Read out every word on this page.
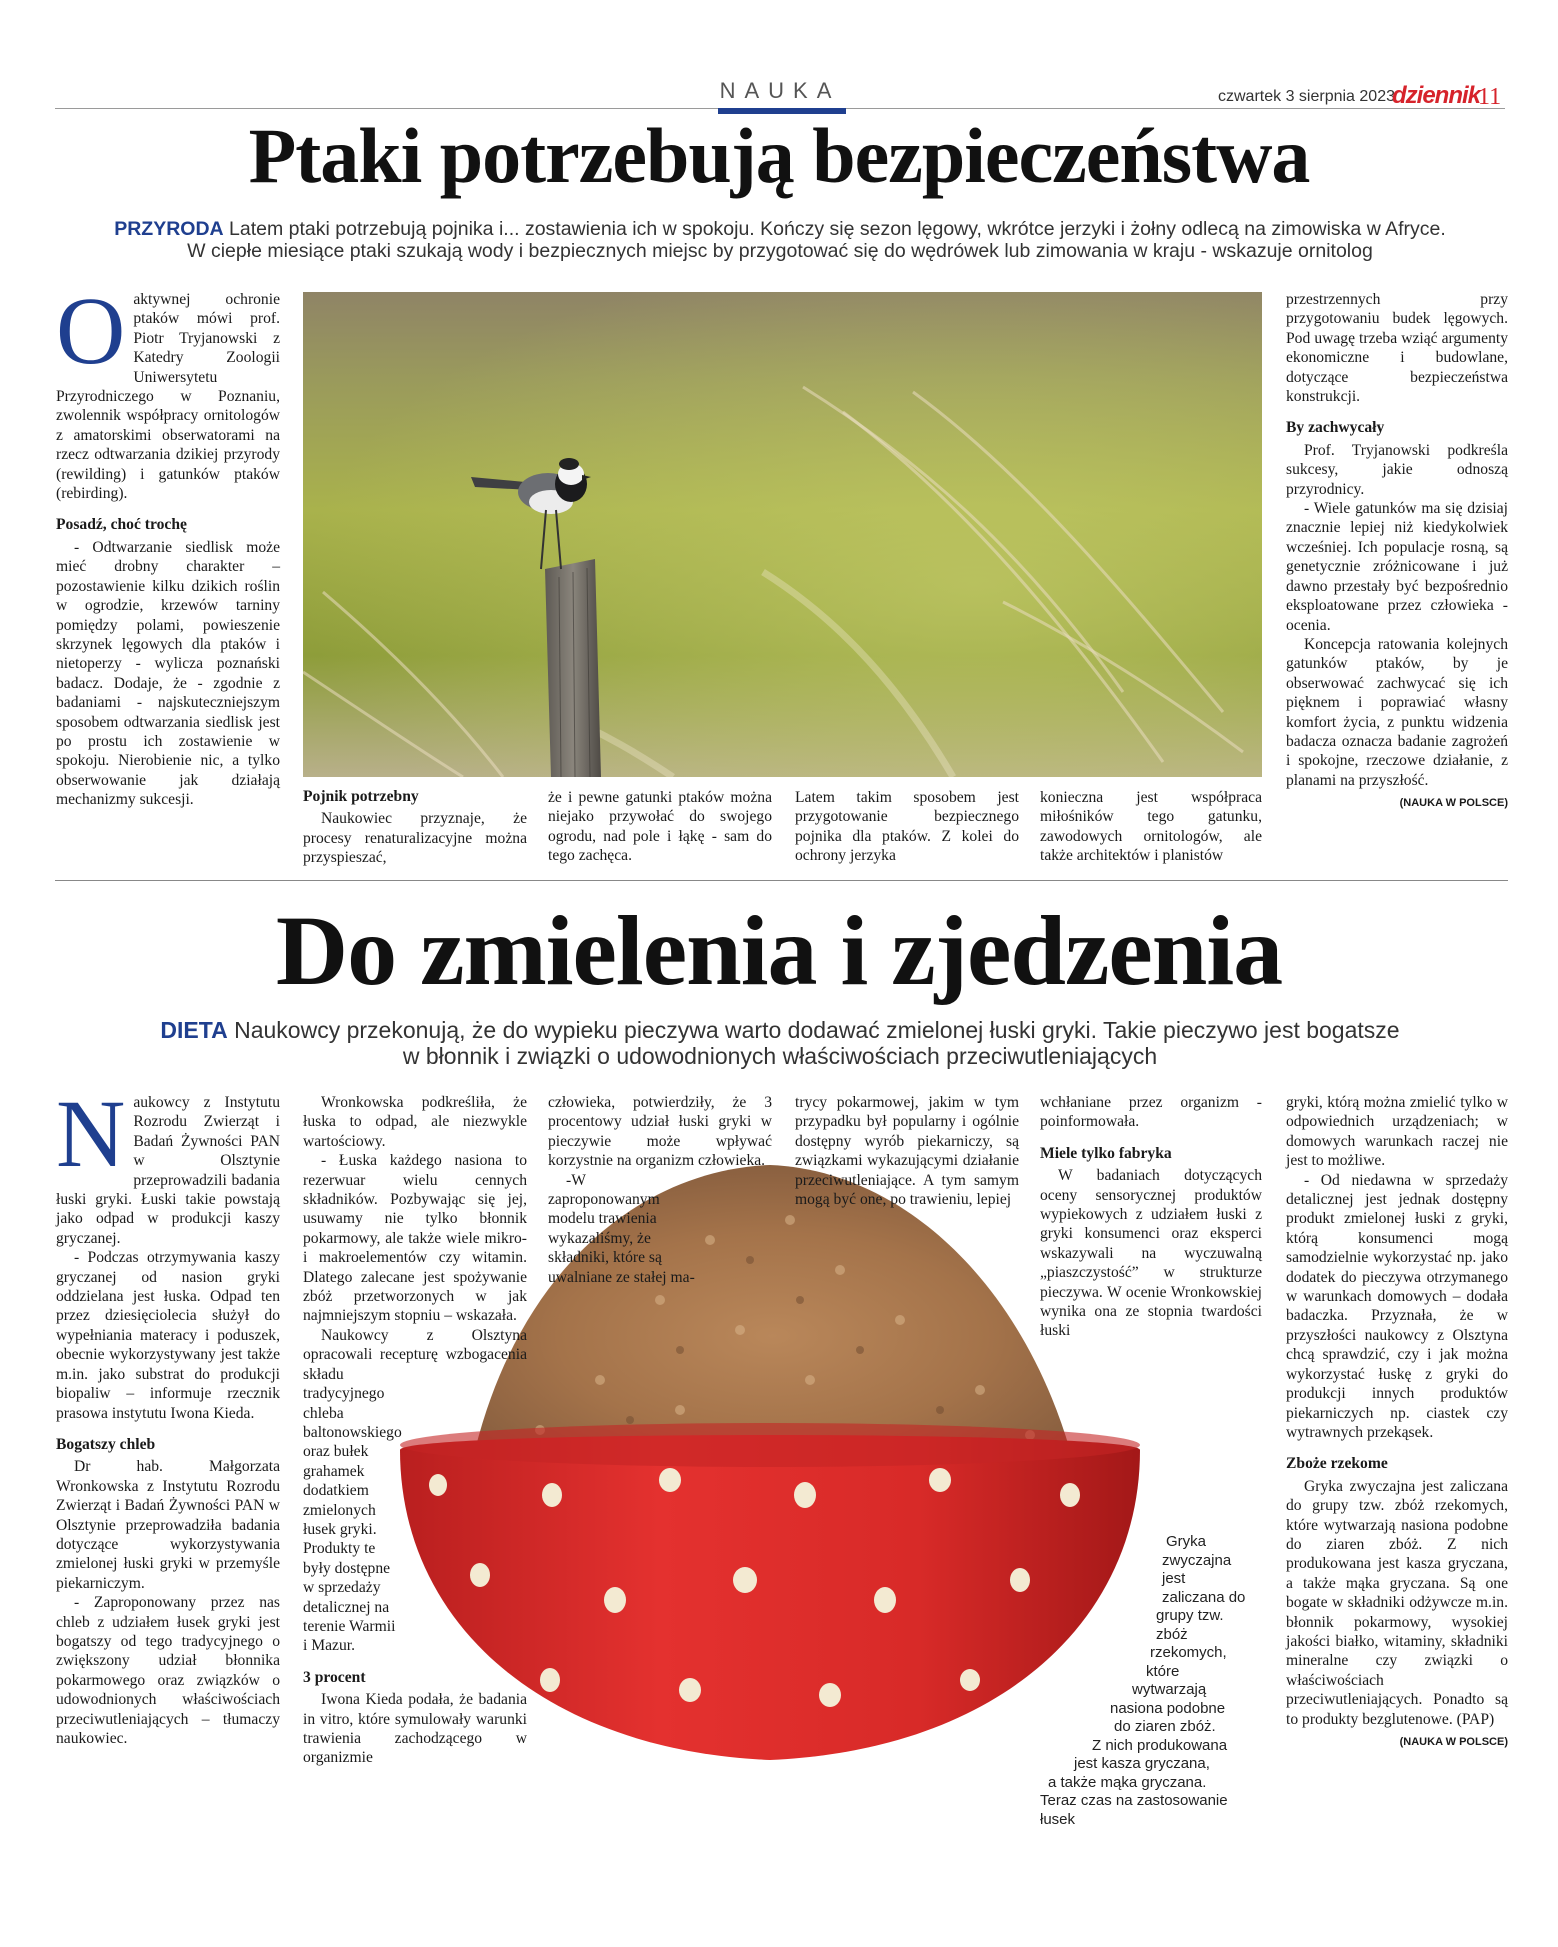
NAUKA	czwartek 3 sierpnia 2023
dziennik
11
Ptaki potrzebują bezpieczeństwa
PRZYRODA Latem ptaki potrzebują pojnika i... zostawienia ich w spokoju. Kończy się sezon lęgowy, wkrótce jerzyki i żołny odlecą na zimowiska w Afryce.
W ciepłe miesiące ptaki szukają wody i bezpiecznych miejsc by przygotować się do wędrówek lub zimowania w kraju - wskazuje ornitolog
O aktywnej ochronie ptaków mówi prof. Piotr Tryjanowski z Katedry Zoologii Uniwersytetu Przyrodniczego w Poznaniu, zwolennik współpracy ornitologów z amatorskimi obserwatorami na rzecz odtwarzania dzikiej przyrody (rewilding) i gatunków ptaków (rebirding).

Posadź, choć trochę

- Odtwarzanie siedlisk może mieć drobny charakter – pozostawienie kilku dzikich roślin w ogrodzie, krzewów tarniny pomiędzy polami, powieszenie skrzynek lęgowych dla ptaków i nietoperzy - wylicza poznański badacz. Dodaje, że - zgodnie z badaniami - najskuteczniejszym sposobem odtwarzania siedlisk jest po prostu ich zostawienie w spokoju. Nierobienie nic, a tylko obserwowanie jak działają mechanizmy sukcesji.	Pojnik potrzebny

Naukowiec przyznaje, że procesy renaturalizacyjne można przyspieszać,

że i pewne gatunki ptaków można niejako przywołać do swojego ogrodu, nad pole i łąkę - sam do tego zachęca.

Latem takim sposobem jest przygotowanie bezpiecznego pojnika dla ptaków. Z kolei do ochrony jerzyka

konieczna jest współpraca miłośników tego gatunku, zawodowych ornitologów, ale także architektów i planistów

przestrzennych przy przygotowaniu budek lęgowych. Pod uwagę trzeba wziąć argumenty ekonomiczne i budowlane, dotyczące bezpieczeństwa konstrukcji.

By zachwycały

Prof. Tryjanowski podkreśla sukcesy, jakie odnoszą przyrodnicy.

- Wiele gatunków ma się dzisiaj znacznie lepiej niż kiedykolwiek wcześniej. Ich populacje rosną, są genetycznie zróżnicowane i już dawno przestały być bezpośrednio eksploatowane przez człowieka - ocenia.

Koncepcja ratowania kolejnych gatunków ptaków, by je obserwować zachwycać się ich pięknem i poprawiać własny komfort życia, z punktu widzenia badacza oznacza badanie zagrożeń i spokojne, rzeczowe działanie, z planami na przyszłość.

(NAUKA W POLSCE)
Do zmielenia i zjedzenia
DIETA Naukowcy przekonują, że do wypieku pieczywa warto dodawać zmielonej łuski gryki. Takie pieczywo jest bogatsze
w błonnik i związki o udowodnionych właściwościach przeciwutleniających
N aukowcy z Instytutu Rozrodu Zwierząt i Badań Żywności PAN w Olsztynie przeprowadzili badania łuski gryki. Łuski takie powstają jako odpad w produkcji kaszy gryczanej.

- Podczas otrzymywania kaszy gryczanej od nasion gryki oddzielana jest łuska. Odpad ten przez dziesięciolecia służył do wypełniania materacy i poduszek, obecnie wykorzystywany jest także m.in. jako substrat do produkcji biopaliw – informuje rzecznik prasowa instytutu Iwona Kieda.

Bogatszy chleb

Dr hab. Małgorzata Wronkowska z Instytutu Rozrodu Zwierząt i Badań Żywności PAN w Olsztynie przeprowadziła badania dotyczące wykorzystywania zmielonej łuski gryki w przemyśle piekarniczym.

- Zaproponowany przez nas chleb z udziałem łusek gryki jest bogatszy od tego tradycyjnego o zwiększony udział błonnika pokarmowego oraz związków o udowodnionych właściwościach przeciwutleniających – tłumaczy naukowiec.

Wronkowska podkreśliła, że łuska to odpad, ale niezwykle wartościowy.

- Łuska każdego nasiona to rezerwuar wielu cennych składników. Pozbywając się jej, usuwamy nie tylko błonnik pokarmowy, ale także wiele mikro- i makroelementów czy witamin. Dlatego zalecane jest spożywanie zbóż przetworzonych w jak najmniejszym stopniu – wskazała.

Naukowcy z Olsztyna opracowali recepturę wzbogacenia składu

tradycyjnego chleba baltonowskiego oraz bułek grahamek dodatkiem zmielonych łusek gryki. Produkty te były dostępne w sprzedaży detalicznej na terenie Warmii i Mazur.

3 procent

Iwona Kieda podała, że badania in vitro, które symulowały warunki trawienia zachodzącego w organizmie

człowieka, potwierdziły, że 3 procentowy udział łuski gryki w pieczywie może wpływać korzystnie na organizm człowieka.

-W zaproponowanym modelu trawienia wykazaliśmy, że składniki, które są uwalniane ze stałej ma-

trycy pokarmowej, jakim w tym przypadku był popularny i ogólnie dostępny wyrób piekarniczy, są związkami wykazującymi działanie przeciwutleniające. A tym samym mogą być one, po trawieniu, lepiej

wchłaniane przez organizm - poinformowała.

Miele tylko fabryka

W badaniach dotyczących oceny sensorycznej produktów wypiekowych z udziałem łuski z gryki konsumenci oraz eksperci wskazywali na wyczuwalną „piaszczystość” w strukturze pieczywa. W ocenie Wronkowskiej wynika ona ze stopnia twardości łuski

Gryka
zwyczajna
jest
zaliczana do
grupy tzw.
zbóż
rzekomych,
które
wytwarzają
nasiona podobne
do ziaren zbóż.
Z nich produkowana
jest kasza gryczana,
a także mąka gryczana.
Teraz czas na zastosowanie
łusek

gryki, którą można zmielić tylko w odpowiednich urządzeniach; w domowych warunkach raczej nie jest to możliwe.

- Od niedawna w sprzedaży detalicznej jest jednak dostępny produkt zmielonej łuski z gryki, którą konsumenci mogą samodzielnie wykorzystać np. jako dodatek do pieczywa otrzymanego w warunkach domowych – dodała badaczka. Przyznała, że w przyszłości naukowcy z Olsztyna chcą sprawdzić, czy i jak można wykorzystać łuskę z gryki do produkcji innych produktów piekarniczych np. ciastek czy wytrawnych przekąsek.

Zboże rzekome

Gryka zwyczajna jest zaliczana do grupy tzw. zbóż rzekomych, które wytwarzają nasiona podobne do ziaren zbóż. Z nich produkowana jest kasza gryczana, a także mąka gryczana. Są one bogate w składniki odżywcze m.in. błonnik pokarmowy, wysokiej jakości białko, witaminy, składniki mineralne czy związki o właściwościach przeciwutleniających. Ponadto są to produkty bezglutenowe. (PAP)

(NAUKA W POLSCE)
